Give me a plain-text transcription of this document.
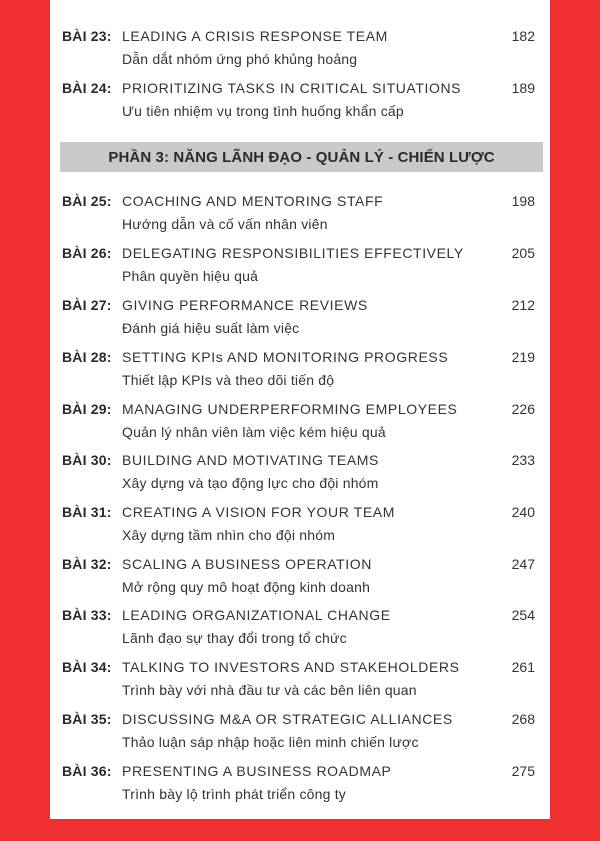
BÀI 23: LEADING A CRISIS RESPONSE TEAM
Dẫn dắt nhóm ứng phó khủng hoảng
182
BÀI 24: PRIORITIZING TASKS IN CRITICAL SITUATIONS
Ưu tiên nhiệm vụ trong tình huống khẩn cấp
189
PHẦN 3: NĂNG LÃNH ĐẠO - QUẢN LÝ - CHIẾN LƯỢC
BÀI 25: COACHING AND MENTORING STAFF
Hướng dẫn và cố vấn nhân viên
198
BÀI 26: DELEGATING RESPONSIBILITIES EFFECTIVELY
Phân quyền hiệu quả
205
BÀI 27: GIVING PERFORMANCE REVIEWS
Đánh giá hiệu suất làm việc
212
BÀI 28: SETTING KPIs AND MONITORING PROGRESS
Thiết lập KPIs và theo dõi tiến độ
219
BÀI 29: MANAGING UNDERPERFORMING EMPLOYEES
Quản lý nhân viên làm việc kém hiệu quả
226
BÀI 30: BUILDING AND MOTIVATING TEAMS
Xây dựng và tạo động lực cho đội nhóm
233
BÀI 31: CREATING A VISION FOR YOUR TEAM
Xây dựng tầm nhìn cho đội nhóm
240
BÀI 32: SCALING A BUSINESS OPERATION
Mở rộng quy mô hoạt động kinh doanh
247
BÀI 33: LEADING ORGANIZATIONAL CHANGE
Lãnh đạo sự thay đổi trong tổ chức
254
BÀI 34: TALKING TO INVESTORS AND STAKEHOLDERS
Trình bày với nhà đầu tư và các bên liên quan
261
BÀI 35: DISCUSSING M&A OR STRATEGIC ALLIANCES
Thảo luận sáp nhập hoặc liên minh chiến lược
268
BÀI 36: PRESENTING A BUSINESS ROADMAP
Trình bày lộ trình phát triển công ty
275
